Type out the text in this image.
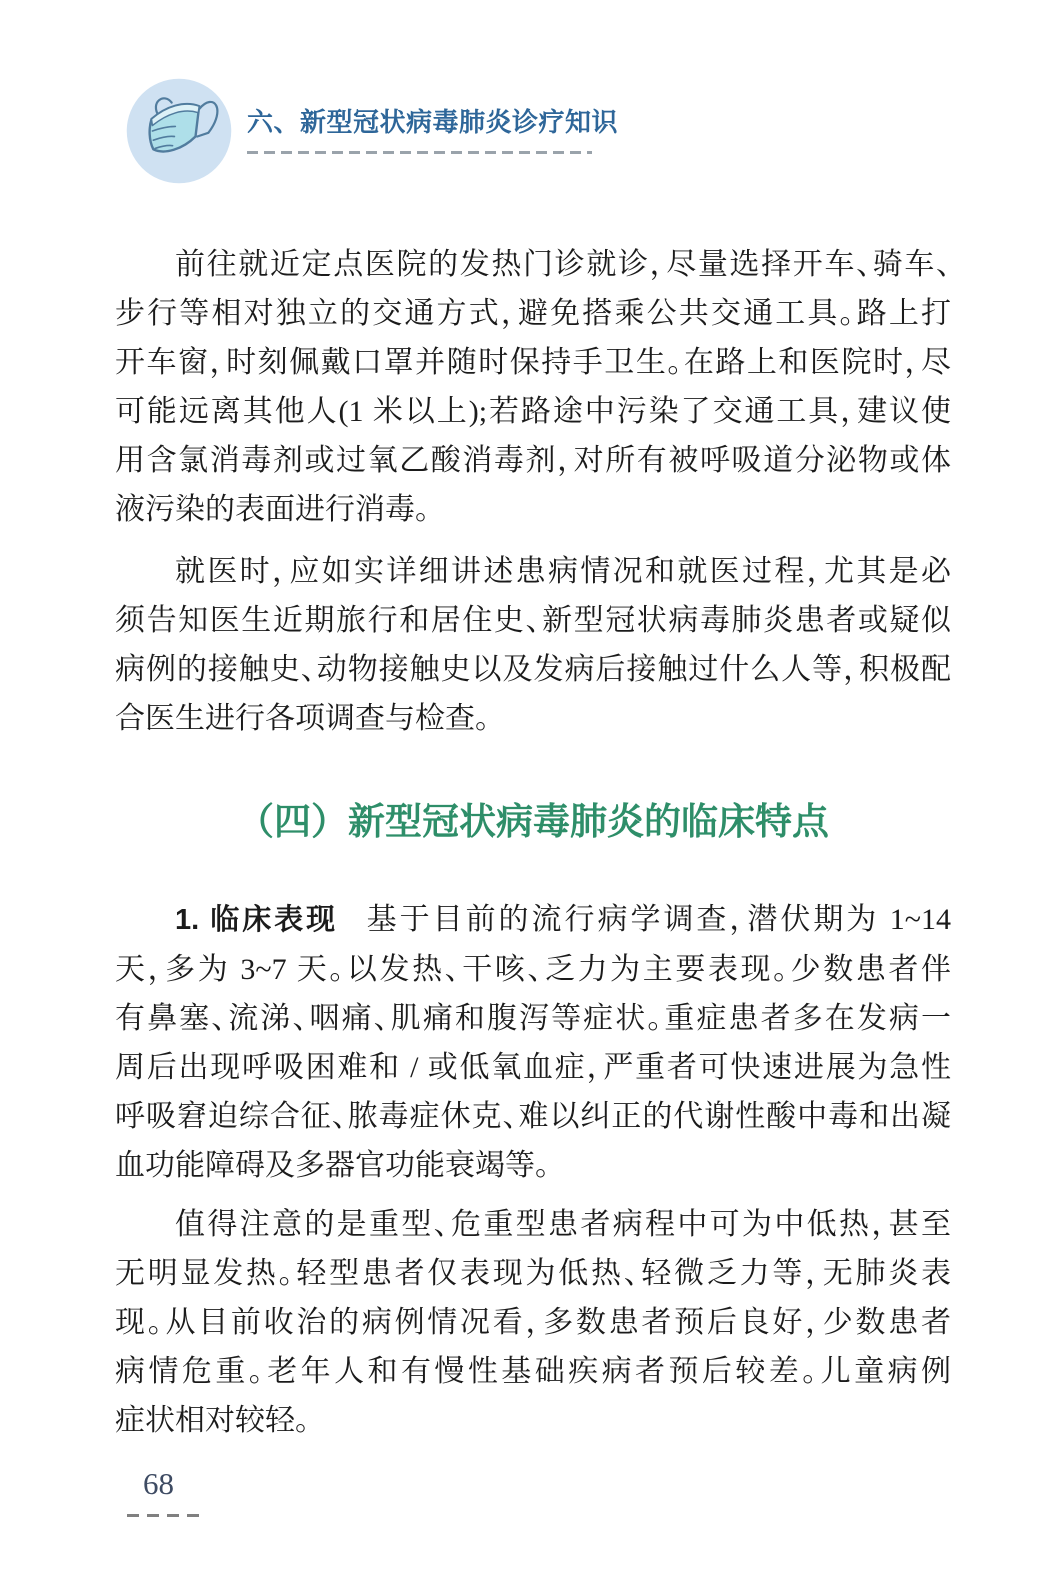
六、新型冠状病毒肺炎诊疗知识
前往就近定点医院的发热门诊就诊，尽量选择开车、骑车、
步行等相对独立的交通方式，避免搭乘公共交通工具。路上打
开车窗，时刻佩戴口罩并随时保持手卫生。在路上和医院时，尽
可能远离其他人(1 米以上);若路途中污染了交通工具，建议使
用含氯消毒剂或过氧乙酸消毒剂，对所有被呼吸道分泌物或体
液污染的表面进行消毒。
就医时，应如实详细讲述患病情况和就医过程，尤其是必
须告知医生近期旅行和居住史、新型冠状病毒肺炎患者或疑似
病例的接触史、动物接触史以及发病后接触过什么人等，积极配
合医生进行各项调查与检查。
（四）新型冠状病毒肺炎的临床特点
1. 临床表现 基于目前的流行病学调查，潜伏期为 1~14
天，多为 3~7 天。以发热、干咳、乏力为主要表现。少数患者伴
有鼻塞、流涕、咽痛、肌痛和腹泻等症状。重症患者多在发病一
周后出现呼吸困难和 / 或低氧血症，严重者可快速进展为急性
呼吸窘迫综合征、脓毒症休克、难以纠正的代谢性酸中毒和出凝
血功能障碍及多器官功能衰竭等。
值得注意的是重型、危重型患者病程中可为中低热，甚至
无明显发热。轻型患者仅表现为低热、轻微乏力等，无肺炎表
现。从目前收治的病例情况看，多数患者预后良好，少数患者
病情危重。老年人和有慢性基础疾病者预后较差。儿童病例
症状相对较轻。
68
